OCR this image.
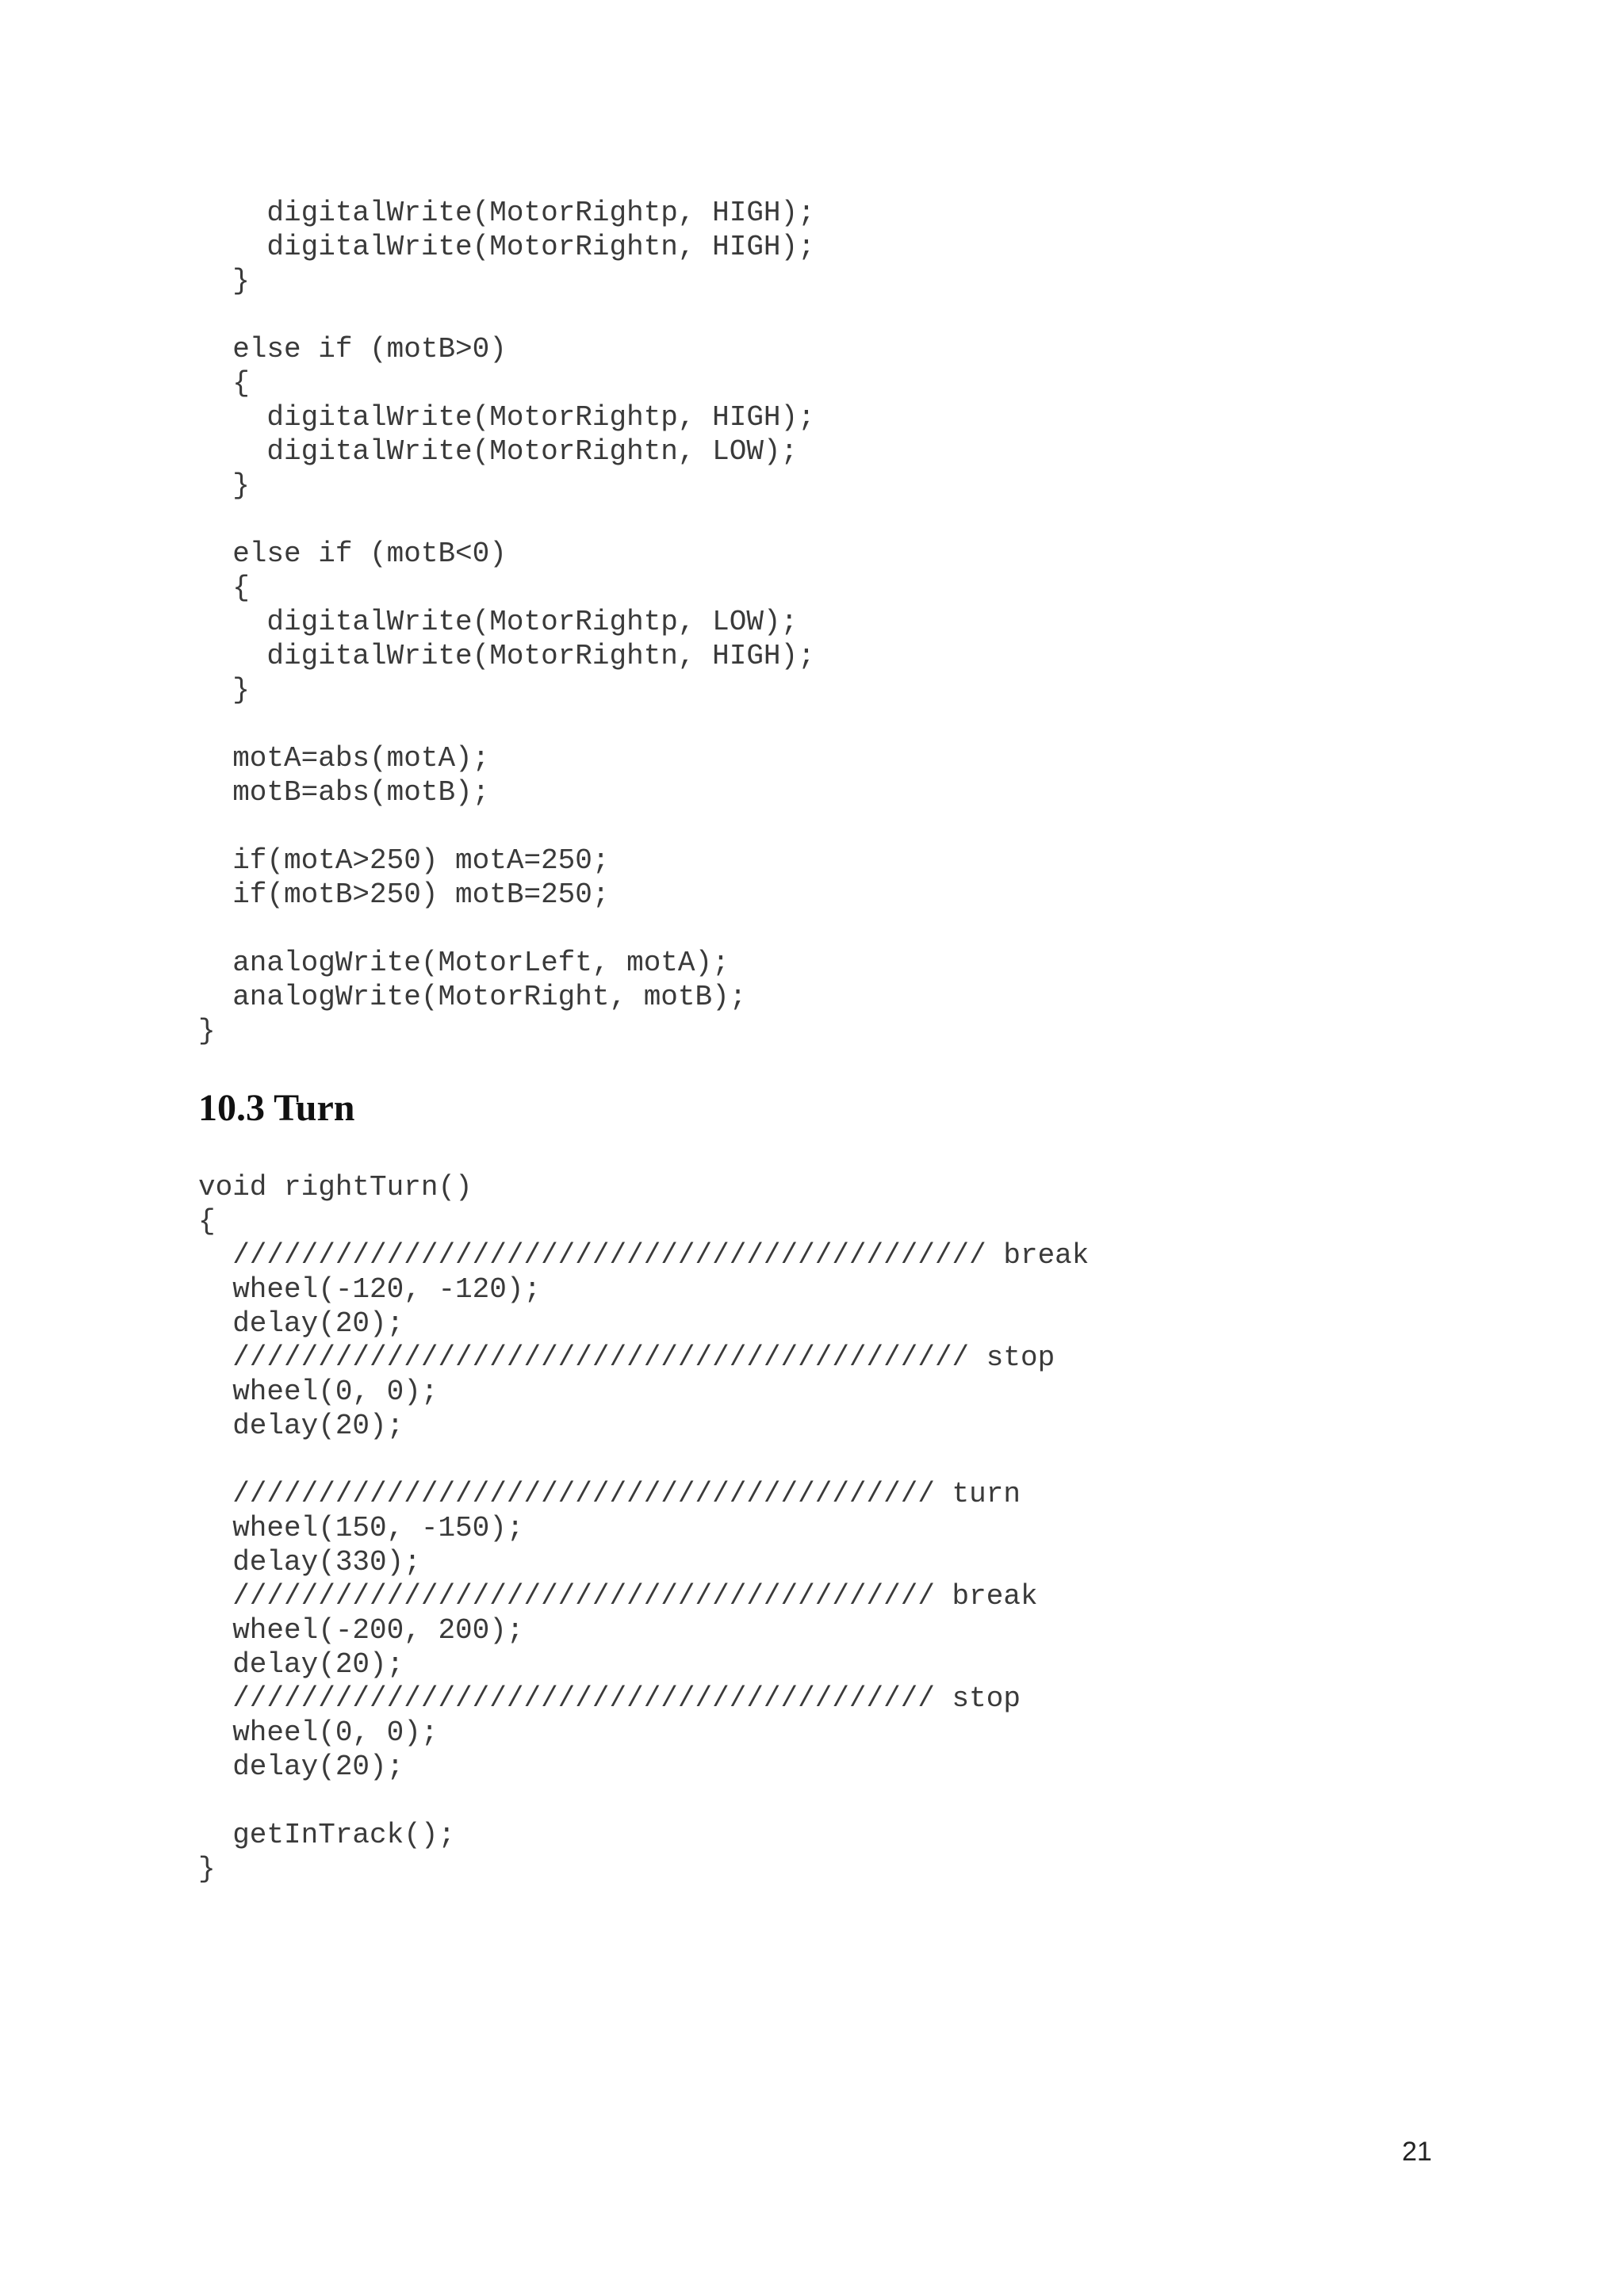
digitalWrite(MotorRightp, HIGH);
digitalWrite(MotorRightn, HIGH);
}
else if (motB>0)
{
digitalWrite(MotorRightp, HIGH);
digitalWrite(MotorRightn, LOW);
}
else if (motB<0)
{
digitalWrite(MotorRightp, LOW);
digitalWrite(MotorRightn, HIGH);
}
motA=abs(motA);
motB=abs(motB);
if(motA>250) motA=250;
if(motB>250) motB=250;
analogWrite(MotorLeft, motA);
analogWrite(MotorRight, motB);
}
10.3 Turn
void rightTurn()
{
//////////////////////////////////////////// break
wheel(-120, -120);
delay(20);
/////////////////////////////////////////// stop
wheel(0, 0);
delay(20);
///////////////////////////////////////// turn
wheel(150, -150);
delay(330);
///////////////////////////////////////// break
wheel(-200, 200);
delay(20);
///////////////////////////////////////// stop
wheel(0, 0);
delay(20);
getInTrack();
}
21
